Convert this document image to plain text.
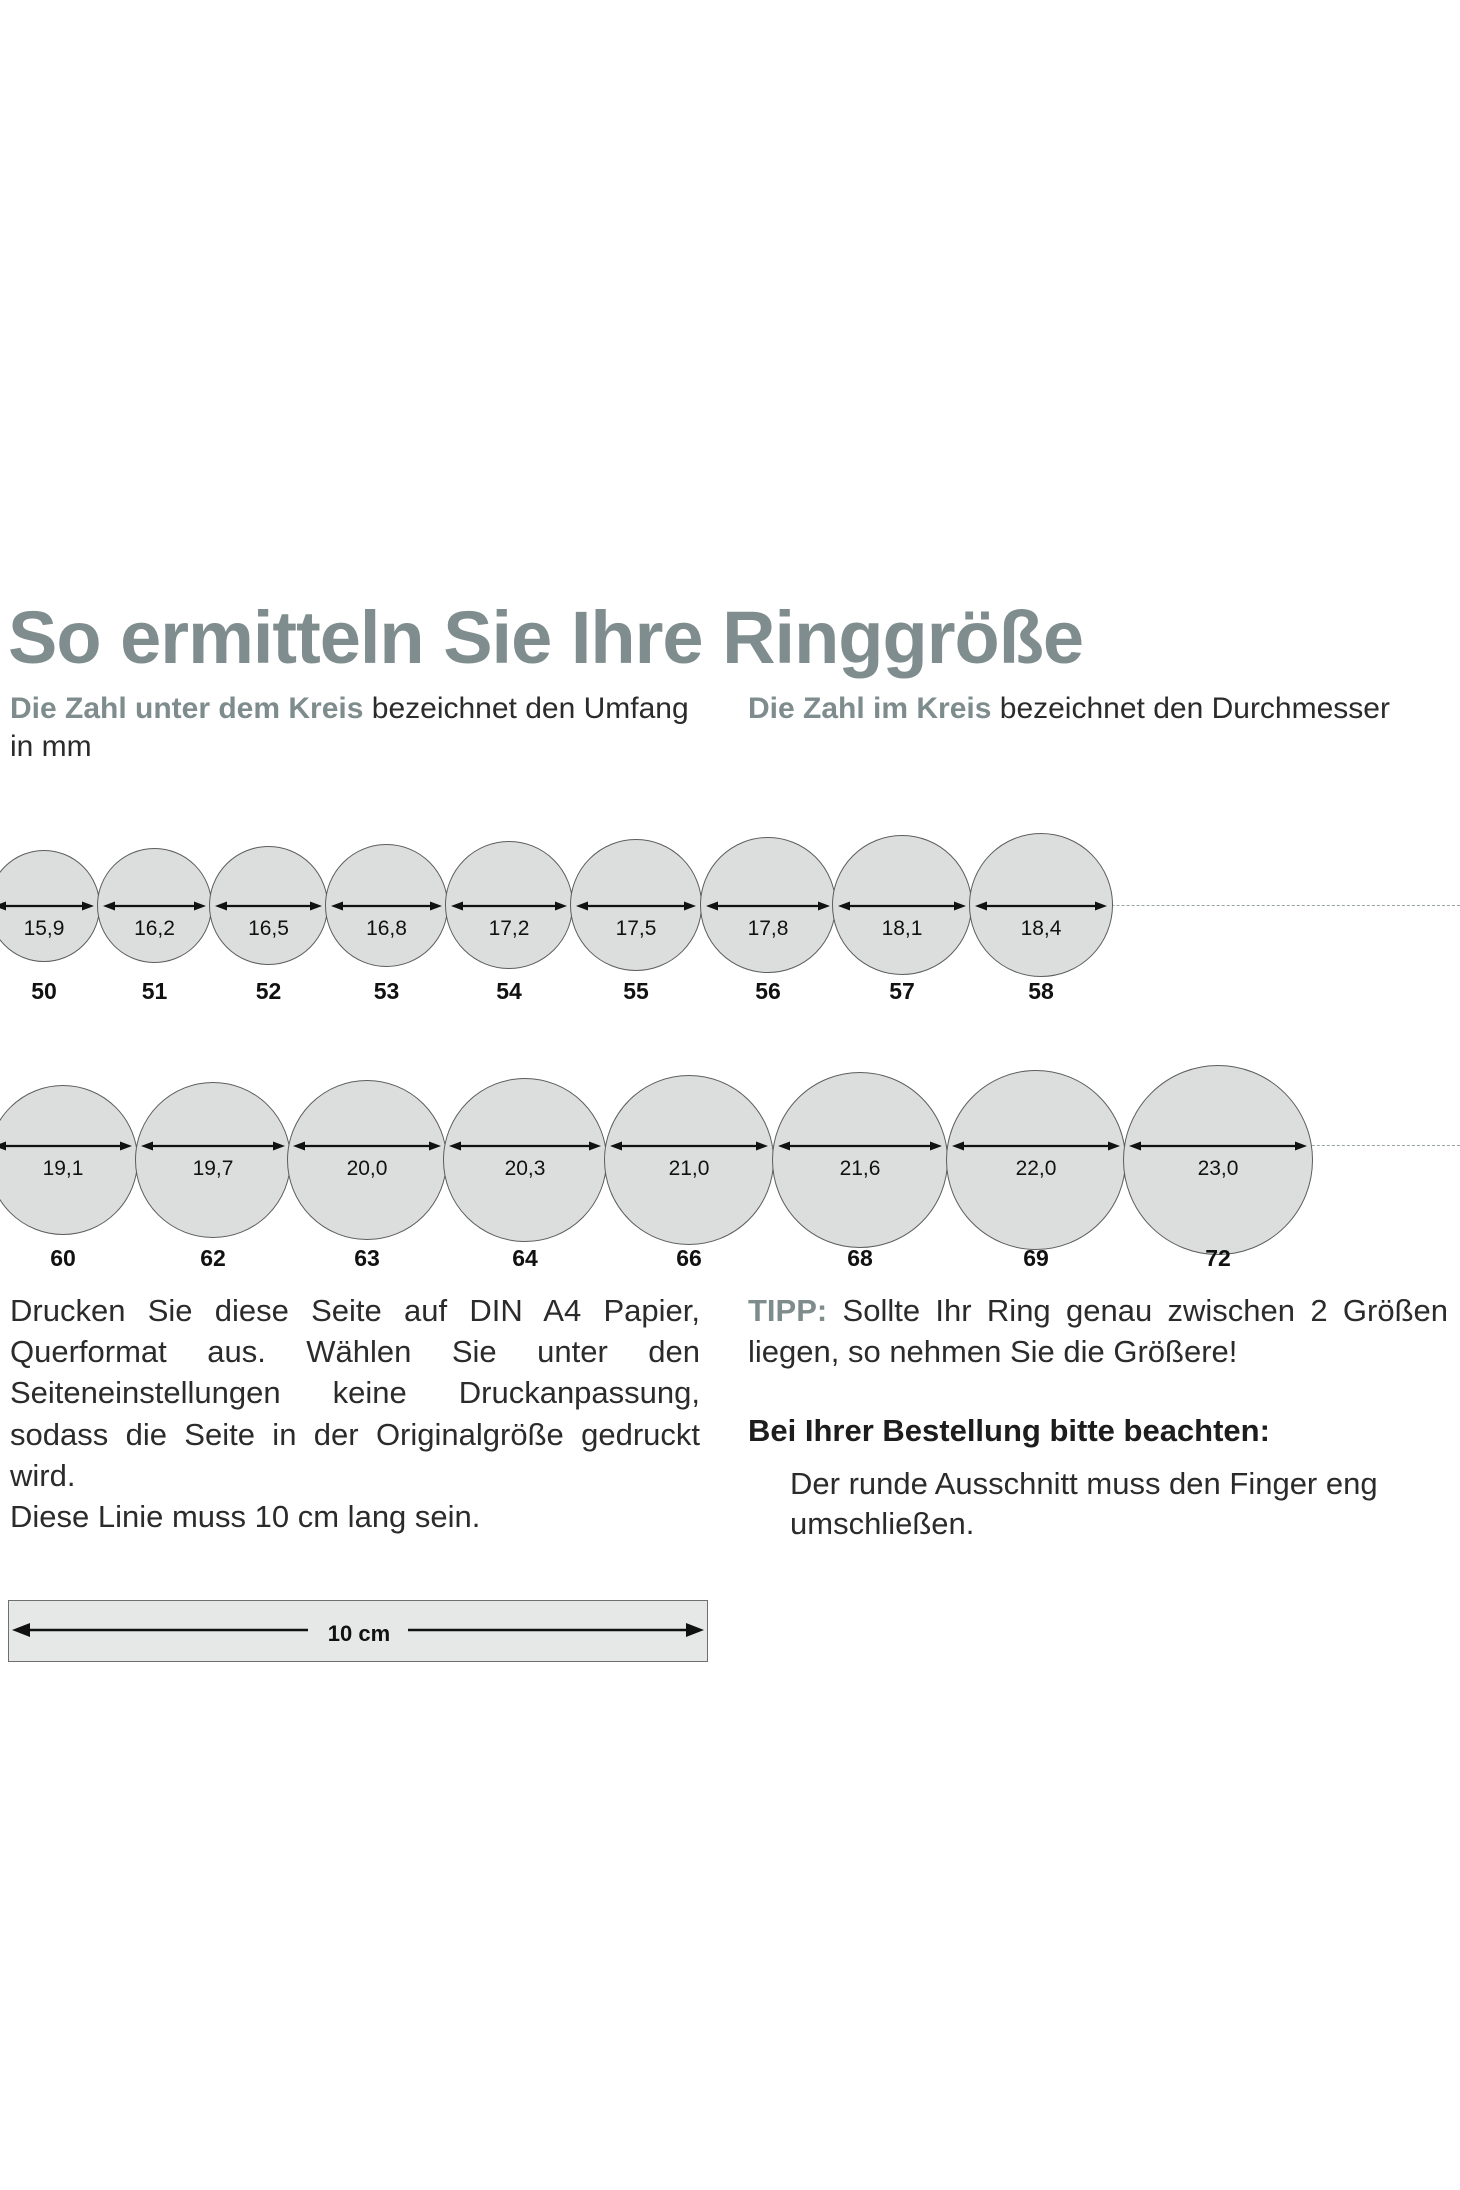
So ermitteln Sie Ihre Ringgröße
Die Zahl unter dem Kreis bezeichnet den Umfang in mm
Die Zahl im Kreis bezeichnet den Durchmesser
15,9
50
16,2
51
16,5
52
16,8
53
17,2
54
17,5
55
17,8
56
18,1
57
18,4
58
19,1
60
19,7
62
20,0
63
20,3
64
21,0
66
21,6
68
22,0
69
23,0
72
Drucken Sie diese Seite auf DIN A4 Papier, Querformat aus. Wählen Sie unter den Seiteneinstellungen keine Druckanpassung, sodass die Seite in der Originalgröße gedruckt wird.
Diese Linie muss 10 cm lang sein.
TIPP: Sollte Ihr Ring genau zwischen 2 Größen liegen, so nehmen Sie die Größere!
Bei Ihrer Bestellung bitte beachten:
Der runde Ausschnitt muss den Finger eng umschließen.
10 cm
